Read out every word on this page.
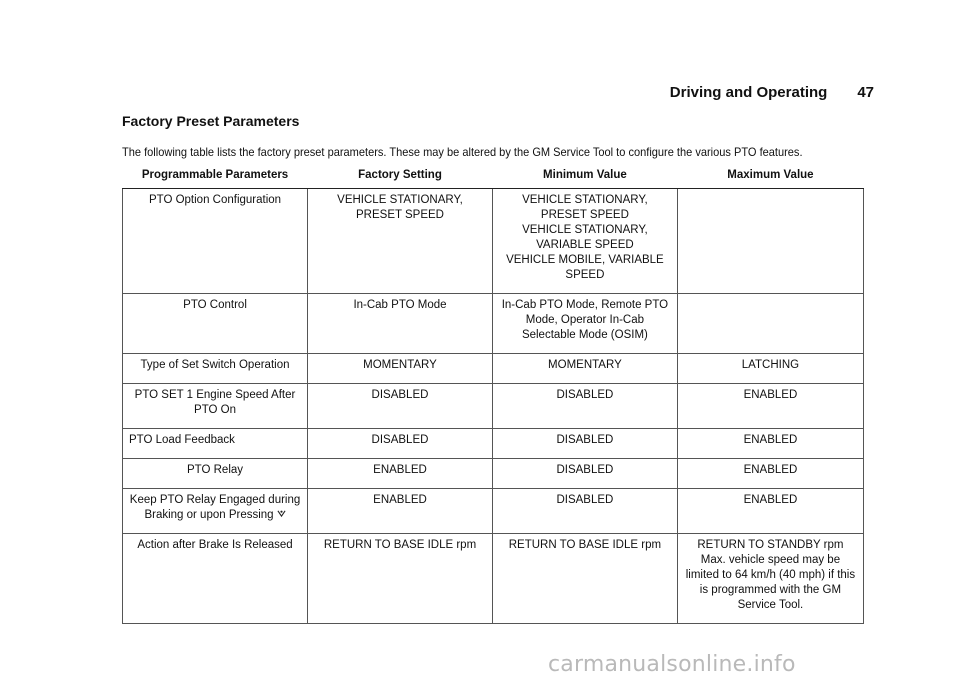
Driving and Operating 47
Factory Preset Parameters
The following table lists the factory preset parameters. These may be altered by the GM Service Tool to configure the various PTO features.
Programmable Parameters	Factory Setting	Minimum Value	Maximum Value
PTO Option Configuration	VEHICLE STATIONARY, PRESET SPEED	VEHICLE STATIONARY, PRESET SPEED
VEHICLE STATIONARY, VARIABLE SPEED
VEHICLE MOBILE, VARIABLE SPEED	

PTO Control	In-Cab PTO Mode	In-Cab PTO Mode, Remote PTO Mode, Operator In-Cab Selectable Mode (OSIM)	

Type of Set Switch Operation	MOMENTARY	MOMENTARY	LATCHING

PTO SET 1 Engine Speed After PTO On	DISABLED	DISABLED	ENABLED

PTO Load Feedback	DISABLED	DISABLED	ENABLED

PTO Relay	ENABLED	DISABLED	ENABLED

Keep PTO Relay Engaged during Braking or upon Pressing	ENABLED	DISABLED	ENABLED

Action after Brake Is Released	RETURN TO BASE IDLE rpm	RETURN TO BASE IDLE rpm	RETURN TO STANDBY rpm
Max. vehicle speed may be limited to 64 km/h (40 mph) if this is programmed with the GM Service Tool.
carmanualsonline.info
